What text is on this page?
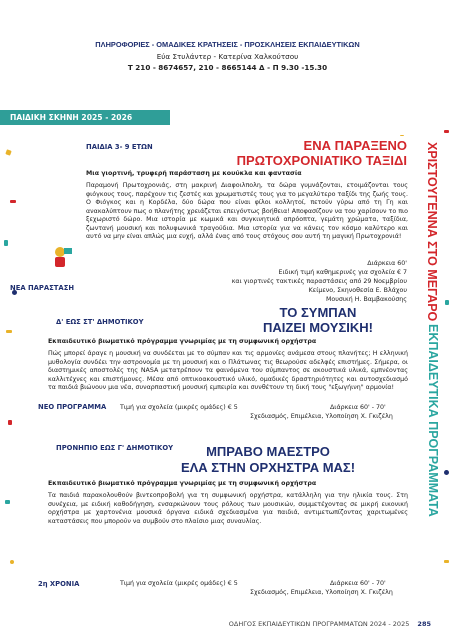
ΠΛΗΡΟΦΟΡΙΕΣ - ΟΜΑΔΙΚΕΣ ΚΡΑΤΗΣΕΙΣ - ΠΡΟΣΚΛΗΣΕΙΣ ΕΚΠΑΙΔΕΥΤΙΚΩΝ
Εύα Στυλάντερ - Κατερίνα Χαλκούτσου
Τ 210 - 8674657, 210 - 8665144 Δ - Π 9.30 -15.30
ΠΑΙΔΙΚΗ ΣΚΗΝΗ 2025 - 2026
ΧΡΙΣΤΟΥΓΕΝΝΑ ΣΤΟ ΜΕΓΑΡΟ
ΕΚΠΑΙΔΕΥΤΙΚΑ ΠΡΟΓΡΑΜΜΑΤΑ
ΠΑΙΔΙΑ 3- 9 ΕΤΩΝ	ΕΝΑ ΠΑΡΑΞΕΝΟ
ΠΡΩΤΟΧΡΟΝΙΑΤΙΚΟ ΤΑΞΙΔΙ
Μια γιορτινή, τρυφερή παράσταση με κουύκλα και φαντασία
Παραμονή Πρωτοχρονιάς, στη μακρινή Διαφοιλπολη, τα δώρα γυμνάζονται, ετοιμάζονται τους φιόγκους τους, παρέχουν τις ζεστές και χρωματιστές τους για το μεγαλύτερο ταξίδι της ζωής τους. Ο Φιόγκος και η Κορδέλα, δύο δώρα που είναι φίλοι κολλητοί, πετούν γύρω από τη Γη και ανακαλύπτουν πως ο πλανήτης χρειάζεται επειγόντως βοήθεια! Αποφασίζουν να του χαρίσουν το πιο ξεχωριστό δώρο. Μια ιστορία με κωμικά και συγκινητικά απρόοπτα, γεμάτη χρώματα, ταξίδια, ζωντανή μουσική και πολυφωνικά τραγούδια. Μια ιστορία για να κάνεις τον κόσμο καλύτερο και αυτό να μην είναι απλώς μια ευχή, αλλά ένας από τους στόχους σου αυτή τη μαγική Πρωτοχρονιά!
Διάρκεια 60'
Ειδική τιμή καθημερινές για σχολεία € 7
και γιορτινές τακτικές παραστάσεις από 29 Νοεμβρίου
Κείμενο, Σκηνοθεσία Ε. Βλάχου
Μουσική Η. Βαμβακούσης
ΝΕΑ ΠΑΡΑΣΤΑΣΗ
Δ' ΕΩΣ ΣΤ' ΔΗΜΟΤΙΚΟΥ
ΤΟ ΣΥΜΠΑΝ
ΠΑΙΖΕΙ ΜΟΥΣΙΚΗ!
Εκπαιδευτικό βιωματικό πρόγραμμα γνωριμίας με τη συμφωνική ορχήστρα
Πώς μπορεί άραγε η μουσική να συνδέεται με το σύμπαν και τις αρμονίες ανάμεσα στους πλανήτες; Η ελληνική μυθολογία συνδέει την αστρονομία με τη μουσική και ο Πλάτωνας τις θεωρούσε αδελφές επιστήμες. Σήμερα, οι διαστημικές αποστολές της NASA μετατρέπουν τα φαινόμενα του σύμπαντος σε ακουστικά υλικά, εμπνέοντας καλλιτέχνες και επιστήμονες. Μέσα από οπτικοακουστικό υλικό, ομαδικές δραστηριότητες και αυτοσχεδιασμό τα παιδιά βιώνουν μια νέα, συναρπαστική μουσική εμπειρία και συνθέτουν τη δική τους "εξωγήινη" αρμονία!
ΝΕΟ ΠΡΟΓΡΑΜΜΑ Τιμή για σχολεία (μικρές ομάδες) € 5	Διάρκεια 60' - 70'
Σχεδιασμός, Επιμέλεια, Υλοποίηση Χ. Γκιζέλη
ΠΡΟΝΗΠΙΟ ΕΩΣ Γ' ΔΗΜΟΤΙΚΟΥ	ΜΠΡΑΒΟ ΜΑΕΣΤΡΟ
ΕΛΑ ΣΤΗΝ ΟΡΧΗΣΤΡΑ ΜΑΣ!
Εκπαιδευτικό βιωματικό πρόγραμμα γνωριμίας με τη συμφωνική ορχήστρα
Τα παιδιά παρακολουθούν βιντεοπροβολή για τη συμφωνική ορχήστρα, κατάλληλη για την ηλικία τους. Στη συνέχεια, με ειδική καθοδήγηση, ενσαρκώνουν τους ρόλους των μουσικών, συμμετέχοντας σε μικρή εικονική ορχήστρα με χαρτονένια μουσικά όργανα ειδικά σχεδιασμένα για παιδιά, αντιμετωπίζοντας χαριτωμένες καταστάσεις που μπορούν να συμβούν στο πλαίσιο μιας συναυλίας.
2η ΧΡΟΝΙΑ	Τιμή για σχολεία (μικρές ομάδες) € 5	Διάρκεια 60' - 70'
Σχεδιασμός, Επιμέλεια, Υλοποίηση Χ. Γκιζέλη
ΟΔΗΓΟΣ ΕΚΠΑΙΔΕΥΤΙΚΩΝ ΠΡΟΓΡΑΜΜΑΤΩΝ 2024 - 2025 285
